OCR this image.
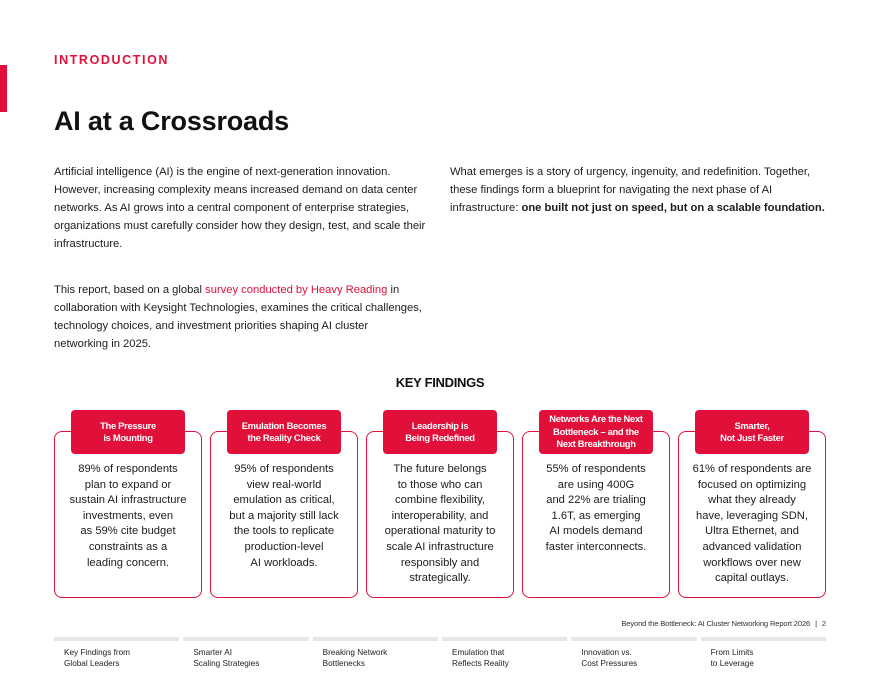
INTRODUCTION

AI at a Crossroads

Artificial intelligence (AI) is the engine of next-generation innovation. However, increasing complexity means increased demand on data center networks. As AI grows into a central component of enterprise strategies, organizations must carefully consider how they design, test, and scale their infrastructure.

This report, based on a global survey conducted by Heavy Reading in collaboration with Keysight Technologies, examines the critical challenges, technology choices, and investment priorities shaping AI cluster networking in 2025.

What emerges is a story of urgency, ingenuity, and redefinition. Together, these findings form a blueprint for navigating the next phase of AI infrastructure: one built not just on speed, but on a scalable foundation.

KEY FINDINGS
The Pressure
is Mounting

89% of respondents
plan to expand or
sustain AI infrastructure
investments, even
as 59% cite budget
constraints as a
leading concern.

Emulation Becomes
the Reality Check

95% of respondents
view real-world
emulation as critical,
but a majority still lack
the tools to replicate
production-level
AI workloads.

Leadership is
Being Redefined

The future belongs
to those who can
combine flexibility,
interoperability, and
operational maturity to
scale AI infrastructure
responsibly and
strategically.

Networks Are the Next
Bottleneck – and the
Next Breakthrough

55% of respondents
are using 400G
and 22% are trialing
1.6T, as emerging
AI models demand
faster interconnects.

Smarter,
Not Just Faster

61% of respondents are
focused on optimizing
what they already
have, leveraging SDN,
Ultra Ethernet, and
advanced validation
workflows over new
capital outlays.

Beyond the Bottleneck: AI Cluster Networking Report 2026 | 2

Key Findings from
Global Leaders
Smarter AI
Scaling Strategies
Breaking Network
Bottlenecks
Emulation that
Reflects Reality
Innovation vs.
Cost Pressures
From Limits
to Leverage
